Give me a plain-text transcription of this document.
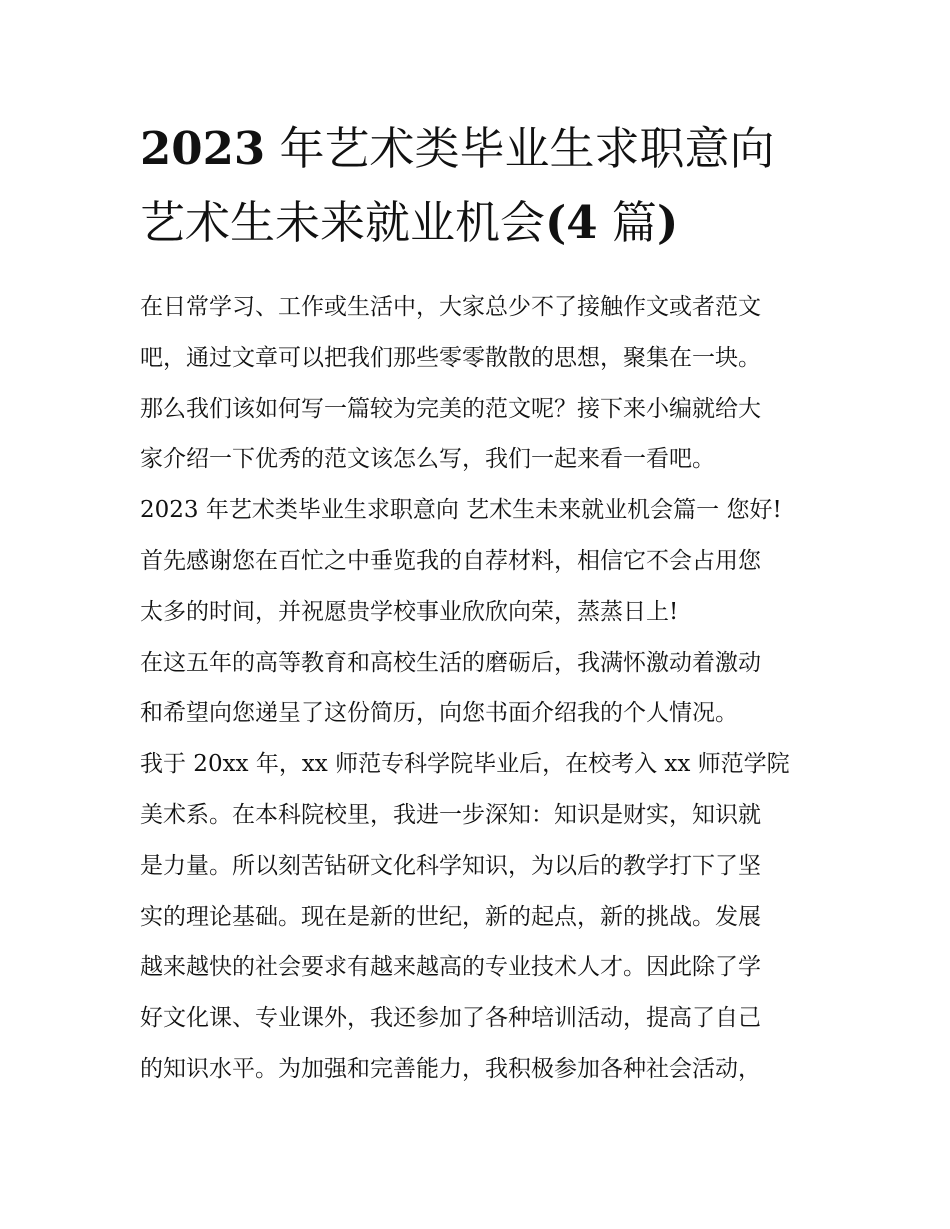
2023 年艺术类毕业生求职意向
艺术生未来就业机会(4 篇)
在日常学习、工作或生活中，大家总少不了接触作文或者范文
吧，通过文章可以把我们那些零零散散的思想，聚集在一块。
那么我们该如何写一篇较为完美的范文呢？接下来小编就给大
家介绍一下优秀的范文该怎么写，我们一起来看一看吧。
2023 年艺术类毕业生求职意向 艺术生未来就业机会篇一 您好!
首先感谢您在百忙之中垂览我的自荐材料，相信它不会占用您
太多的时间，并祝愿贵学校事业欣欣向荣，蒸蒸日上!
在这五年的高等教育和高校生活的磨砺后，我满怀激动着激动
和希望向您递呈了这份简历，向您书面介绍我的个人情况。
我于 20xx 年，xx 师范专科学院毕业后，在校考入 xx 师范学院
美术系。在本科院校里，我进一步深知：知识是财实，知识就
是力量。所以刻苦钻研文化科学知识，为以后的教学打下了坚
实的理论基础。现在是新的世纪，新的起点，新的挑战。发展
越来越快的社会要求有越来越高的专业技术人才。因此除了学
好文化课、专业课外，我还参加了各种培训活动，提高了自己
的知识水平。为加强和完善能力，我积极参加各种社会活动，
